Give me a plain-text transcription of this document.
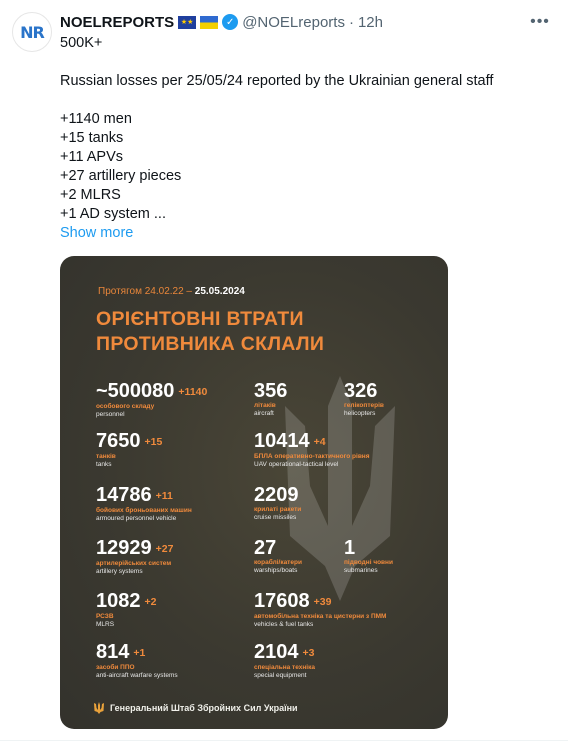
NR
NOELREPORTS ★★	✓ @NOELreports · 12h	•••

500K+

Russian losses per 25/05/24 reported by the Ukrainian general staff

+1140 men

+15 tanks

+11 APVs

+27 artillery pieces

+2 MLRS

+1 AD system ...

Show more

Протягом 24.02.22 – 25.05.2024
ОРІЄНТОВНІ ВТРАТИ
ПРОТИВНИКА СКЛАЛИ
~500080 +1140
особового складу
personnel
7650 +15
танків
tanks
14786 +11
бойових броньованих машин
armoured personnel vehicle
12929 +27
артилерійських систем
artillery systems
1082 +2
РСЗВ
MLRS
814 +1
засоби ППО
anti-aircraft warfare systems
356
літаків
aircraft
10414 +4
БПЛА оперативно-тактичного рівня
UAV operational-tactical level
2209
крилаті ракети
cruise missiles
27
кораблі/катери
warships/boats
17608 +39
автомобільна техніка та цистерни з ПММ
vehicles & fuel tanks
2104 +3
спеціальна техніка
special equipment
326
гелікоптерів
helicopters
1
підводні човни
submarines
Генеральний Штаб Збройних Сил України
